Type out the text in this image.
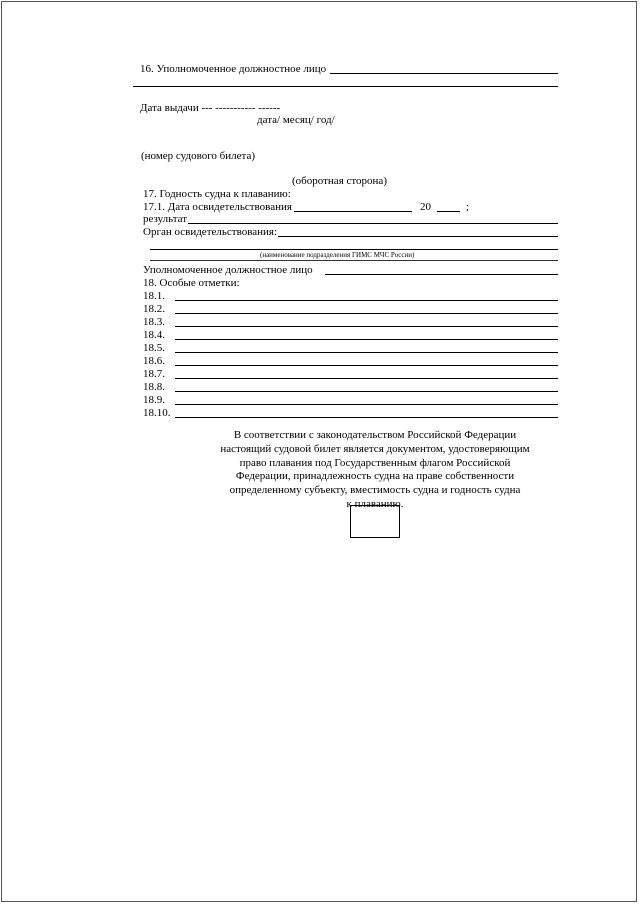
16. Уполномоченное должностное лицо
Дата выдачи --- ----------- ------
дата/ месяц/ год/
(номер судового билета)
(оборотная сторона)
17. Годность судна к плаванию:
17.1. Дата освидетельствования	20	;
результат
Орган освидетельствования:
(наименование подразделения ГИМС МЧС России)
Уполномоченное должностное лицо
18. Особые отметки:
18.1.
18.2.
18.3.
18.4.
18.5.
18.6.
18.7.
18.8.
18.9.
18.10.
В соответствии с законодательством Российской Федерации
настоящий судовой билет является документом, удостоверяющим
право плавания под Государственным флагом Российской
Федерации, принадлежность судна на праве собственности
определенному субъекту, вместимость судна и годность судна
к плаванию.
